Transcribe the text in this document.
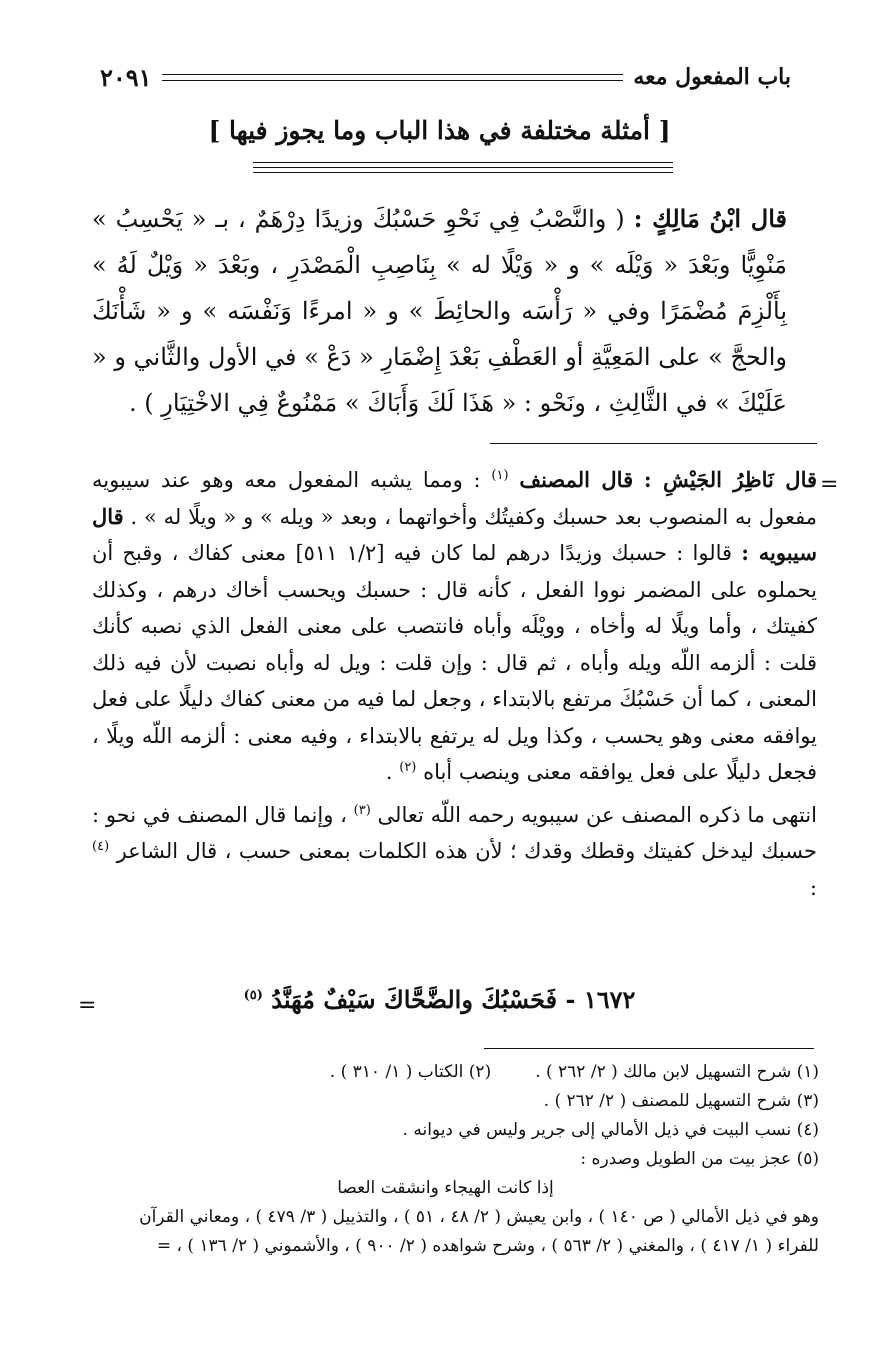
باب المفعول معه
٢٠٩١
[ أمثلة مختلفة في هذا الباب وما يجوز فيها ]
قال ابْنُ مَالِكٍ : ( والنَّصْبُ فِي نَحْوِ حَسْبُكَ وزيدًا دِرْهَمٌ ، بـ « يَحْسِبُ » مَنْوِيًّا وبَعْدَ « وَيْلَه » و « وَيْلًا له » بِنَاصِبِ الْمَصْدَرِ ، وبَعْدَ « وَيْلٌ لَهُ » بِأَلْزِمَ مُضْمَرًا وفي « رَأْسَه والحائِطَ » و « امرءًا وَنَفْسَه » و « شَأْنَكَ والحجَّ » على المَعِيَّةِ أو العَطْفِ بَعْدَ إِضْمَارِ « دَعْ » في الأول والثَّاني و « عَلَيْكَ » في الثَّالِثِ ، ونَحْو : « هَذَا لَكَ وَأَبَاكَ » مَمْنُوعٌ فِي الاخْتِيَارِ ) .
=

قال نَاظِرُ الجَيْشِ : قال المصنف $^{(١)}$ : ومما يشبه المفعول معه وهو عند سيبويه مفعول به المنصوب بعد حسبك وكفيتُك وأخواتهما ، وبعد « ويله » و « ويلًا له » . قال سيبويه : قالوا : حسبك وزيدًا درهم لما كان فيه [١/٢ ٥١١] معنى كفاك ، وقبح أن يحملوه على المضمر نووا الفعل ، كأنه قال : حسبك ويحسب أخاك درهم ، وكذلك كفيتك ، وأما ويلًا له وأخاه ، وويْلَه وأباه فانتصب على معنى الفعل الذي نصبه كأنك قلت : ألزمه اللّه ويله وأباه ، ثم قال : وإن قلت : ويل له وأباه نصبت لأن فيه ذلك المعنى ، كما أن حَسْبُكَ مرتفع بالابتداء ، وجعل لما فيه من معنى كفاك دليلًا على فعل يوافقه معنى وهو يحسب ، وكذا ويل له يرتفع بالابتداء ، وفيه معنى : ألزمه اللّه ويلًا ، فجعل دليلًا على فعل يوافقه معنى وينصب أباه $^{(٢)}$ .

انتهى ما ذكره المصنف عن سيبويه رحمه اللّه تعالى $^{(٣)}$ ، وإنما قال المصنف في نحو : حسبك ليدخل كفيتك وقطك وقدك ؛ لأن هذه الكلمات بمعنى حسب ، قال الشاعر $^{(٤)}$ :

١٦٧٢ - فَحَسْبُكَ والضَّحَّاكَ سَيْفٌ مُهَنَّدُ $^{(٥)}$
=

(١) شرح التسهيل لابن مالك ( ٢/ ٢٦٢ ) .
(٢) الكتاب ( ١/ ٣١٠ ) .

(٣) شرح التسهيل للمصنف ( ٢/ ٢٦٢ ) .

(٤) نسب البيت في ذيل الأمالي إلى جرير وليس في ديوانه .

(٥) عجز بيت من الطويل وصدره :

إذا كانت الهيجاء وانشقت العصا

وهو في ذيل الأمالي ( ص ١٤٠ ) ، وابن يعيش ( ٢/ ٤٨ ، ٥١ ) ، والتذييل ( ٣/ ٤٧٩ ) ، ومعاني القرآن

للفراء ( ١/ ٤١٧ ) ، والمغني ( ٢/ ٥٦٣ ) ، وشرح شواهده ( ٢/ ٩٠٠ ) ، والأشموني ( ٢/ ١٣٦ ) ، =
